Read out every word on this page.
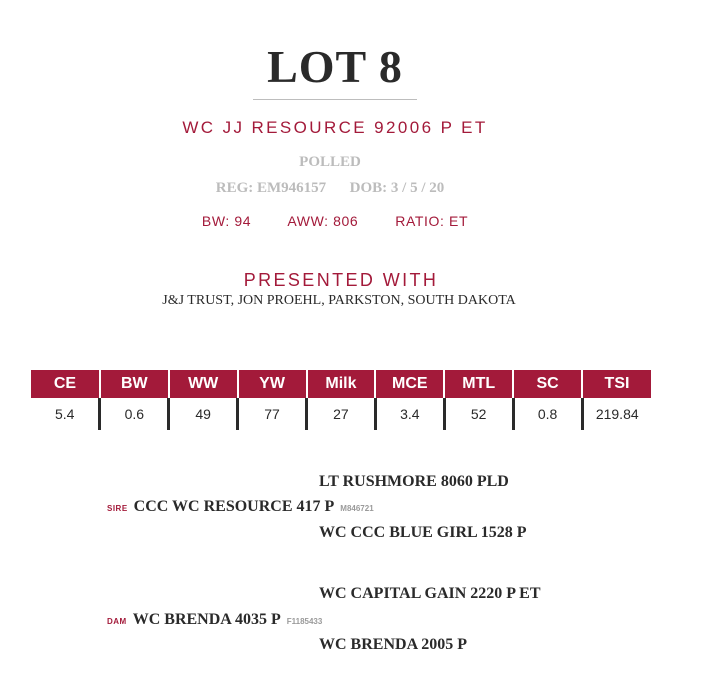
LOT 8
WC JJ RESOURCE 92006 P ET
POLLED
REG: EM946157 DOB: 3 / 5 / 20
BW: 94	AWW: 806	RATIO: ET
PRESENTED WITH
J&J TRUST, JON PROEHL, PARKSTON, SOUTH DAKOTA
CE	BW	WW	YW	Milk	MCE	MTL	SC	TSI
5.4	0.6	49	77	27	3.4	52	0.8	219.84
LT RUSHMORE 8060 PLD
SIRE CCC WC RESOURCE 417 P M846721
WC CCC BLUE GIRL 1528 P
WC CAPITAL GAIN 2220 P ET
DAM WC BRENDA 4035 P F1185433
WC BRENDA 2005 P
